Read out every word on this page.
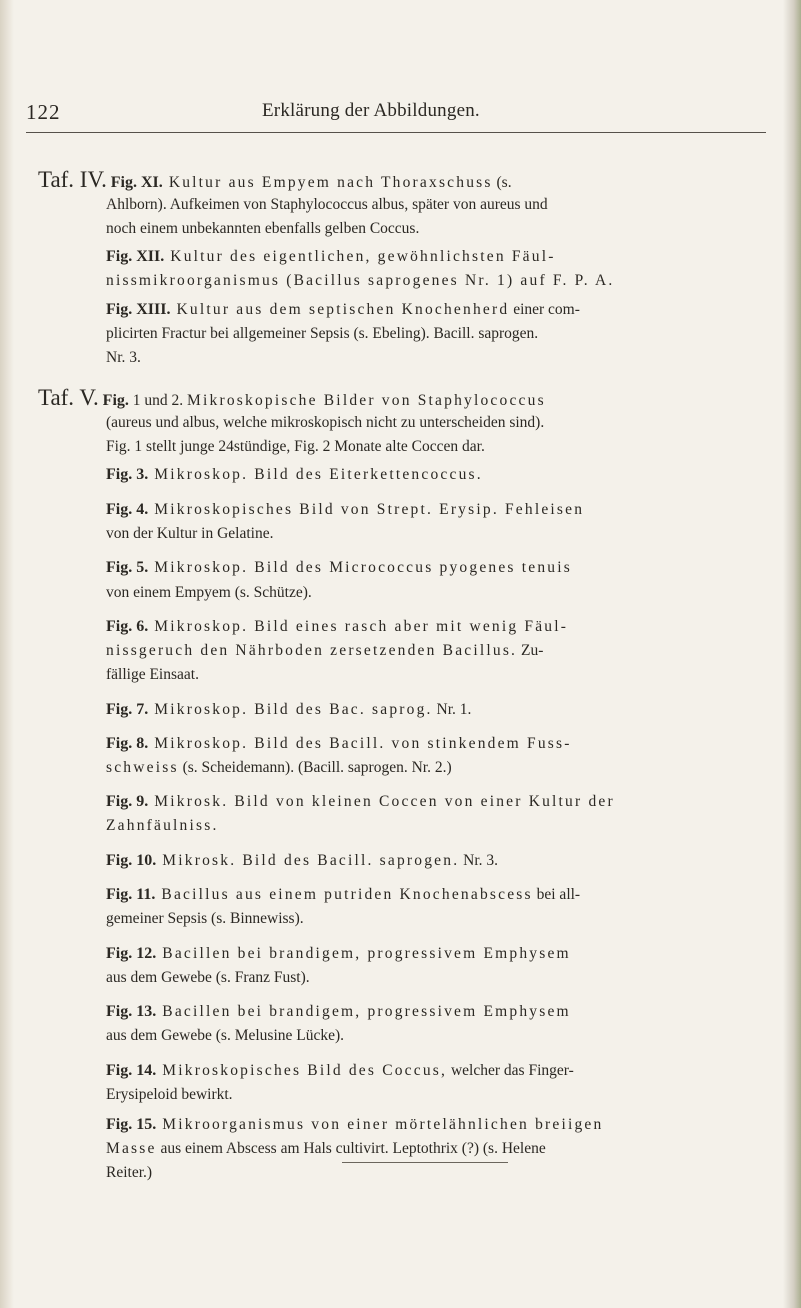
122	Erklärung der Abbildungen.
Taf. IV. Fig. XI. Kultur aus Empyem nach Thoraxschuss (s.
Ahlborn). Aufkeimen von Staphylococcus albus, später von aureus und
noch einem unbekannten ebenfalls gelben Coccus.
Fig. XII. Kultur des eigentlichen, gewöhnlichsten Fäul-
nissmikroorganismus (Bacillus saprogenes Nr. 1) auf F. P. A.
Fig. XIII. Kultur aus dem septischen Knochenherd einer com-
plicirten Fractur bei allgemeiner Sepsis (s. Ebeling). Bacill. saprogen.
Nr. 3.
Taf. V. Fig. 1 und 2. Mikroskopische Bilder von Staphylococcus
(aureus und albus, welche mikroskopisch nicht zu unterscheiden sind).
Fig. 1 stellt junge 24stündige, Fig. 2 Monate alte Coccen dar.
Fig. 3. Mikroskop. Bild des Eiterkettencoccus.
Fig. 4. Mikroskopisches Bild von Strept. Erysip. Fehleisen
von der Kultur in Gelatine.
Fig. 5. Mikroskop. Bild des Micrococcus pyogenes tenuis
von einem Empyem (s. Schütze).
Fig. 6. Mikroskop. Bild eines rasch aber mit wenig Fäul-
nissgeruch den Nährboden zersetzenden Bacillus. Zu-
fällige Einsaat.
Fig. 7. Mikroskop. Bild des Bac. saprog. Nr. 1.
Fig. 8. Mikroskop. Bild des Bacill. von stinkendem Fuss-
schweiss (s. Scheidemann). (Bacill. saprogen. Nr. 2.)
Fig. 9. Mikrosk. Bild von kleinen Coccen von einer Kultur der
Zahnfäulniss.
Fig. 10. Mikrosk. Bild des Bacill. saprogen. Nr. 3.
Fig. 11. Bacillus aus einem putriden Knochenabscess bei all-
gemeiner Sepsis (s. Binnewiss).
Fig. 12. Bacillen bei brandigem, progressivem Emphysem
aus dem Gewebe (s. Franz Fust).
Fig. 13. Bacillen bei brandigem, progressivem Emphysem
aus dem Gewebe (s. Melusine Lücke).
Fig. 14. Mikroskopisches Bild des Coccus, welcher das Finger-
Erysipeloid bewirkt.
Fig. 15. Mikroorganismus von einer mörtelähnlichen breiigen
Masse aus einem Abscess am Hals cultivirt. Leptothrix (?) (s. Helene
Reiter.)
